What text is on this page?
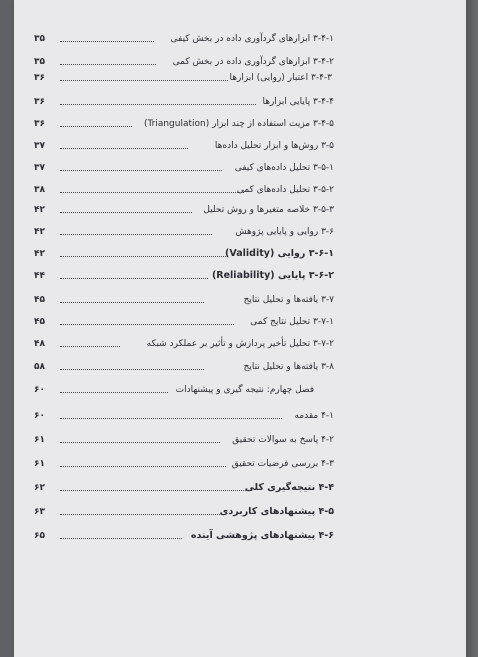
۳-۴-۱ ابزارهای گردآوری داده در بخش کیفی
۳۵
۳-۴-۲ ابزارهای گردآوری داده در بخش کمی
۳۵
۳-۴-۳ اعتبار (روایی) ابزارها
۳۶
۳-۴-۴ پایایی ابزارها
۳۶
۳-۴-۵ مزیت استفاده از چند ابزار (Triangulation)
۳۶
۳-۵ روش‌ها و ابزار تحلیل داده‌ها
۳۷
۳-۵-۱ تحلیل داده‌های کیفی
۳۷
۳-۵-۲ تحلیل داده‌های کمی
۳۸
۳-۵-۳ خلاصه متغیرها و روش تحلیل
۴۲
۳-۶ روایی و پایایی پژوهش
۴۲
۳-۶-۱ روایی (Validity)
۴۲
۳-۶-۲ پایایی (Reliability)
۴۴
۳-۷ یافته‌ها و تحلیل نتایج
۴۵
۳-۷-۱ تحلیل نتایج کمی
۴۵
۳-۷-۲ تحلیل تأخیر پردازش و تأثیر بر عملکرد شبکه
۴۸
۳-۸ یافته‌ها و تحلیل نتایج
۵۸
فصل چهارم: نتیجه گیری و پیشنهادات
۶۰
۴-۱ مقدمه
۶۰
۴-۲ پاسخ به سوالات تحقیق
۶۱
۴-۳ بررسی فرضیات تحقیق
۶۱
۴-۴ نتیجه‌گیری کلی
۶۲
۴-۵ پیشنهادهای کاربردی
۶۳
۴-۶ پیشنهادهای پژوهشی آینده
۶۵
